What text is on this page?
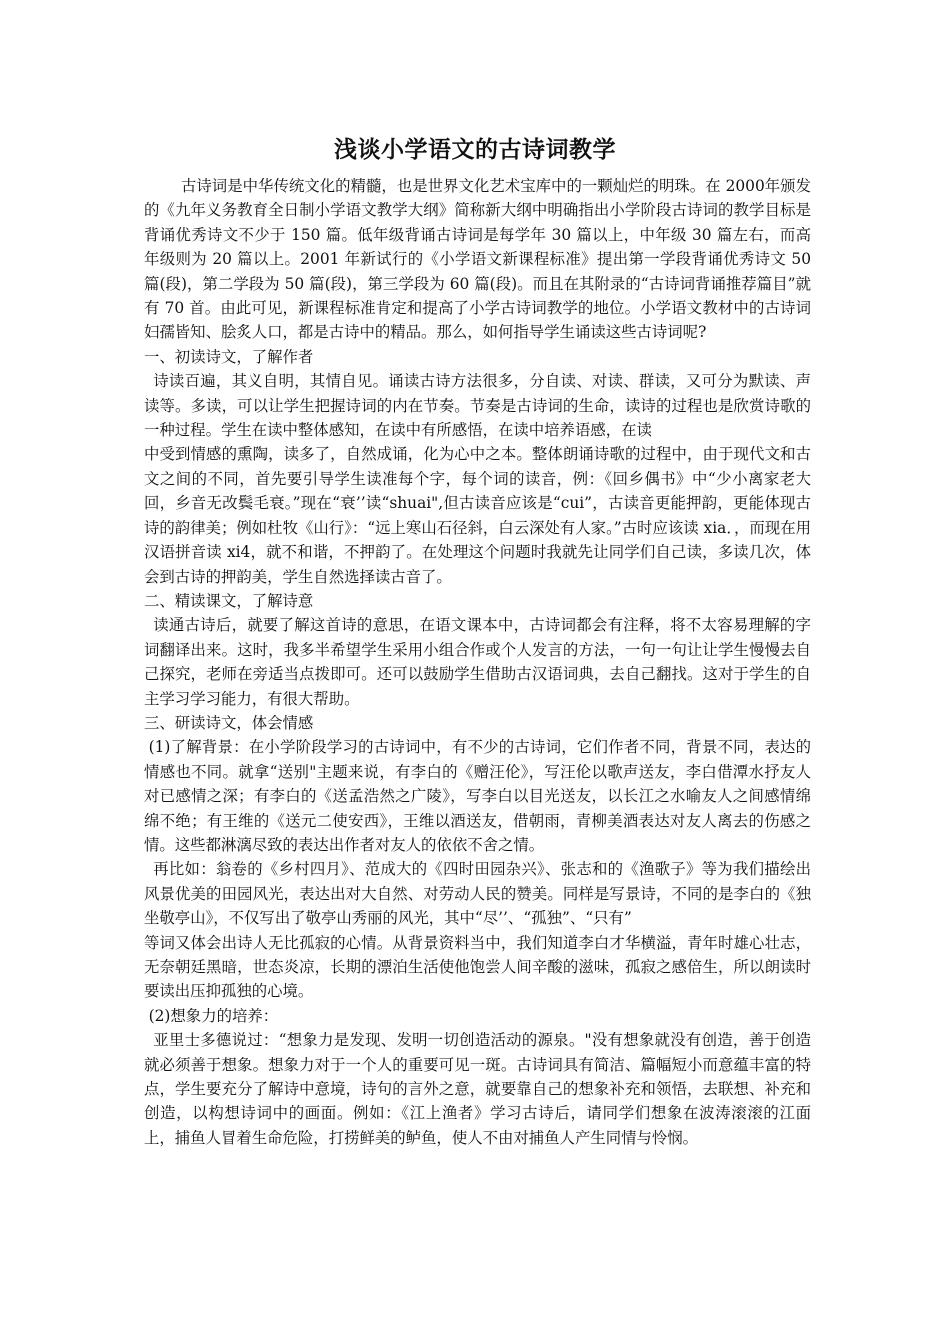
浅谈小学语文的古诗词教学

古诗词是中华传统文化的精髓，也是世界文化艺术宝库中的一颗灿烂的明珠。在 2000年颁发的《九年义务教育全日制小学语文教学大纲》简称新大纲中明确指出小学阶段古诗词的教学目标是背诵优秀诗文不少于 150 篇。低年级背诵古诗词是每学年 30 篇以上，中年级 30 篇左右，而高年级则为 20 篇以上。2001 年新试行的《小学语文新课程标准》提出第一学段背诵优秀诗文 50 篇(段)，第二学段为 50 篇(段)，第三学段为 60 篇(段)。而且在其附录的“古诗词背诵推荐篇目”就有 70 首。由此可见，新课程标准肯定和提高了小学古诗词教学的地位。小学语文教材中的古诗词妇孺皆知、脍炙人口，都是古诗中的精品。那么，如何指导学生诵读这些古诗词呢?

一、初读诗文，了解作者

诗读百遍，其义自明，其情自见。诵读古诗方法很多，分自读、对读、群读，又可分为默读、声读等。多读，可以让学生把握诗词的内在节奏。节奏是古诗词的生命，读诗的过程也是欣赏诗歌的一种过程。学生在读中整体感知，在读中有所感悟，在读中培养语感，在读

中受到情感的熏陶，读多了，自然成诵，化为心中之本。整体朗诵诗歌的过程中，由于现代文和古文之间的不同，首先要引导学生读准每个字，每个词的读音，例：《回乡偶书》中“少小离家老大回，乡音无改鬓毛衰。”现在“衰’’读“shuai",但古读音应该是“cui”，古读音更能押韵，更能体现古诗的韵律美；例如杜牧《山行》：“远上寒山石径斜，白云深处有人家。”古时应该读 xia．，而现在用汉语拼音读 xi4，就不和谐，不押韵了。在处理这个问题时我就先让同学们自己读，多读几次，体会到古诗的押韵美，学生自然选择读古音了。

二、精读课文，了解诗意

读通古诗后，就要了解这首诗的意思，在语文课本中，古诗词都会有注释，将不太容易理解的字词翻译出来。这时，我多半希望学生采用小组合作或个人发言的方法，一句一句让让学生慢慢去自己探究，老师在旁适当点拨即可。还可以鼓励学生借助古汉语词典，去自己翻找。这对于学生的自主学习学习能力，有很大帮助。

三、研读诗文，体会情感

(1)了解背景：在小学阶段学习的古诗词中，有不少的古诗词，它们作者不同，背景不同，表达的情感也不同。就拿“送别"主题来说，有李白的《赠汪伦》，写汪伦以歌声送友，李白借潭水抒友人对已感情之深；有李白的《送孟浩然之广陵》，写李白以目光送友，以长江之水喻友人之间感情绵绵不绝；有王维的《送元二使安西》，王维以酒送友，借朝雨，青柳美酒表达对友人离去的伤感之情。这些都淋漓尽致的表达出作者对友人的依依不舍之情。

再比如：翁卷的《乡村四月》、范成大的《四时田园杂兴》、张志和的《渔歌子》等为我们描绘出风景优美的田园风光，表达出对大自然、对劳动人民的赞美。同样是写景诗，不同的是李白的《独坐敬亭山》，不仅写出了敬亭山秀丽的风光，其中“尽’’、“孤独”、“只有”

等词又体会出诗人无比孤寂的心情。从背景资料当中，我们知道李白才华横溢，青年时雄心壮志，无奈朝廷黑暗，世态炎凉，长期的漂泊生活使他饱尝人间辛酸的滋味，孤寂之感倍生，所以朗读时要读出压抑孤独的心境。

(2)想象力的培养：

亚里士多德说过：“想象力是发现、发明一切创造活动的源泉。"没有想象就没有创造，善于创造就必须善于想象。想象力对于一个人的重要可见一斑。古诗词具有简洁、篇幅短小而意蕴丰富的特点，学生要充分了解诗中意境，诗句的言外之意，就要靠自己的想象补充和领悟，去联想、补充和创造，以构想诗词中的画面。例如：《江上渔者》学习古诗后，请同学们想象在波涛滚滚的江面上，捕鱼人冒着生命危险，打捞鲜美的鲈鱼，使人不由对捕鱼人产生同情与怜悯。
